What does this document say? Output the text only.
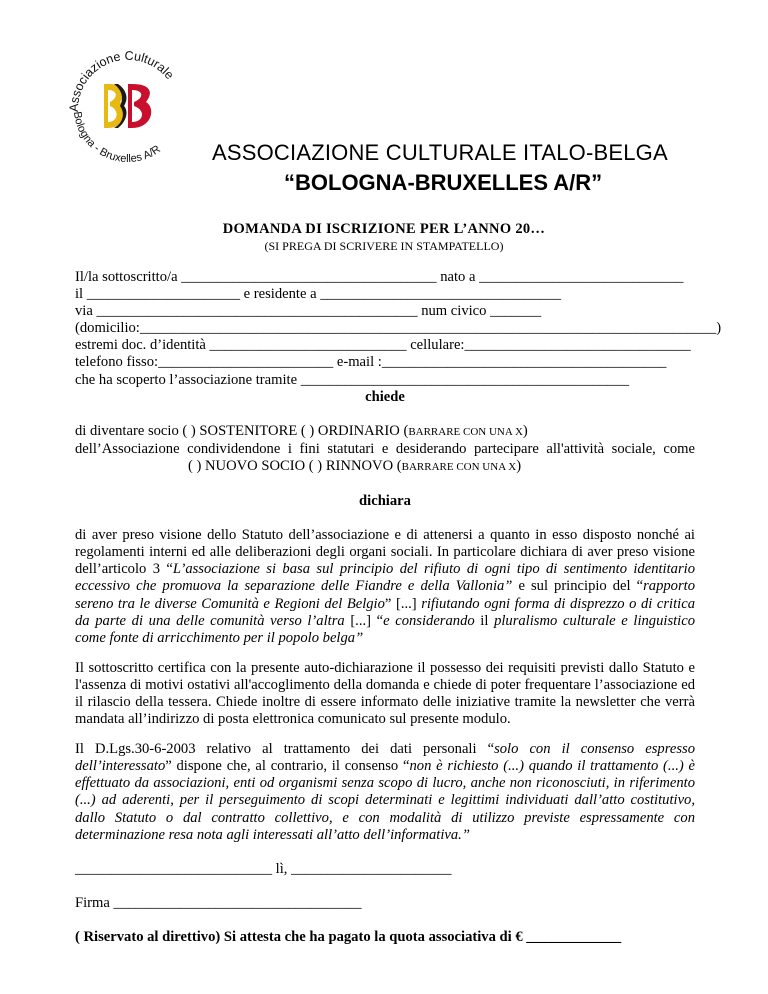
Associazione Culturale
Bologna - Bruxelles A/R ASSOCIAZIONE CULTURALE ITALO-BELGA
“BOLOGNA-BRUXELLES A/R”
DOMANDA DI ISCRIZIONE PER L’ANNO 20…
(SI PREGA DI SCRIVERE IN STAMPATELLO)
Il/la sottoscritto/a ___________________________________ nato a ____________________________
il _____________________ e residente a _________________________________
via ____________________________________________ num civico _______
(domicilio:_______________________________________________________________________________)
estremi doc. d’identità ___________________________ cellulare:_______________________________
telefono fisso:________________________ e-mail :_______________________________________
che ha scoperto l’associazione tramite _____________________________________________
chiede
di diventare socio ( ) SOSTENITORE ( ) ORDINARIO (BARRARE CON UNA X)

dell’Associazione condividendone i fini statutari e desiderando partecipare all'attività sociale, come

( ) NUOVO SOCIO ( ) RINNOVO (BARRARE CON UNA X)
dichiara

di aver preso visione dello Statuto dell’associazione e di attenersi a quanto in esso disposto nonché ai regolamenti interni ed alle deliberazioni degli organi sociali. In particolare dichiara di aver preso visione dell’articolo 3 “L’associazione si basa sul principio del rifiuto di ogni tipo di sentimento identitario eccessivo che promuova la separazione delle Fiandre e della Vallonia” e sul principio del “rapporto sereno tra le diverse Comunità e Regioni del Belgio” [...] rifiutando ogni forma di disprezzo o di critica da parte di una delle comunità verso l’altra [...] “e considerando il pluralismo culturale e linguistico come fonte di arricchimento per il popolo belga”

Il sottoscritto certifica con la presente auto-dichiarazione il possesso dei requisiti previsti dallo Statuto e l'assenza di motivi ostativi all'accoglimento della domanda e chiede di poter frequentare l’associazione ed il rilascio della tessera. Chiede inoltre di essere informato delle iniziative tramite la newsletter che verrà mandata all’indirizzo di posta elettronica comunicato sul presente modulo.

Il D.Lgs.30-6-2003 relativo al trattamento dei dati personali “solo con il consenso espresso dell’interessato” dispone che, al contrario, il consenso “non è richiesto (...) quando il trattamento (...) è effettuato da associazioni, enti od organismi senza scopo di lucro, anche non riconosciuti, in riferimento (...) ad aderenti, per il perseguimento di scopi determinati e legittimi individuati dall’atto costitutivo, dallo Statuto o dal contratto collettivo, e con modalità di utilizzo previste espressamente con determinazione resa nota agli interessati all’atto dell’informativa.”

___________________________ lì, ______________________
Firma __________________________________
( Riservato al direttivo) Si attesta che ha pagato la quota associativa di € _____________
